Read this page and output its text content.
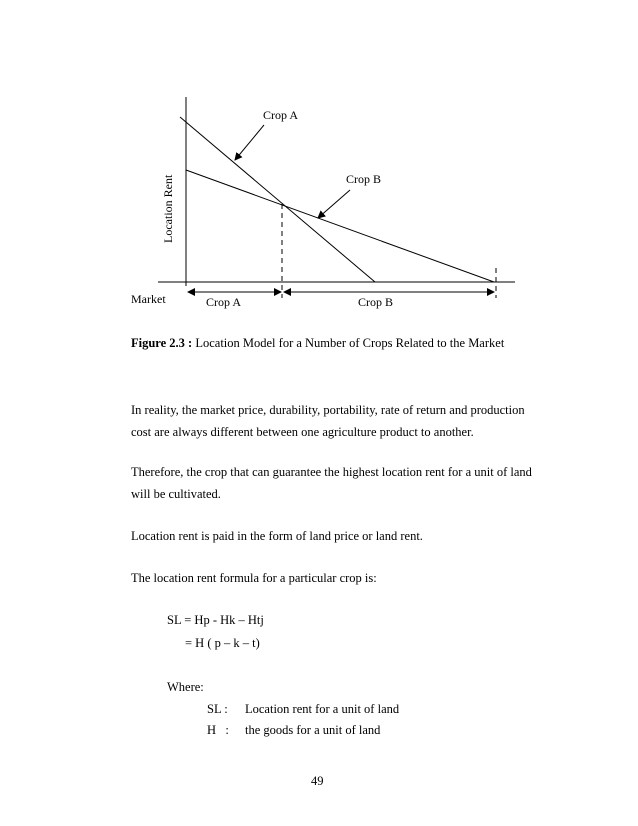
Location Rent
Crop A
Crop B
Market	Crop A	Crop B
Figure 2.3 : Location Model for a Number of Crops Related to the Market
In reality, the market price, durability, portability, rate of return and production
cost are always different between one agriculture product to another.
Therefore, the crop that can guarantee the highest location rent for a unit of land
will be cultivated.
Location rent is paid in the form of land price or land rent.
The location rent formula for a particular crop is:
SL = Hp - Hk – Htj
= H ( p – k – t)
Where:
SL : Location rent for a unit of land
H   : the goods for a unit of land
49
